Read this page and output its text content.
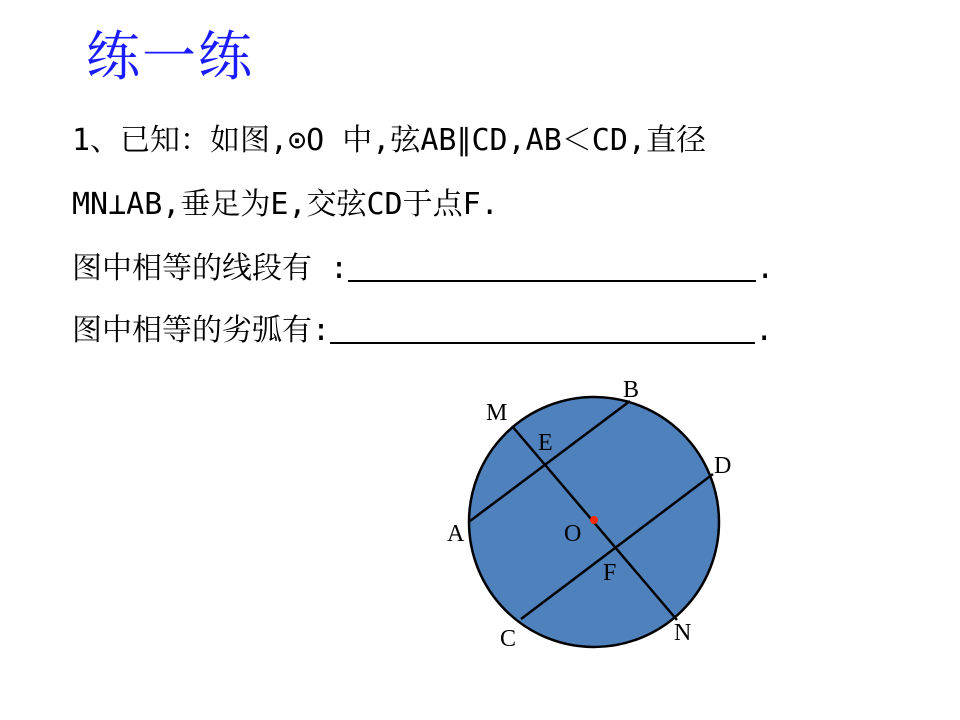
练一练
1、已知：如图,⊙O 中,弦AB∥CD,AB＜CD,直径
MN⊥AB,垂足为E,交弦CD于点F.
图中相等的线段有 :	.
图中相等的劣弧有:	.
M
B
E
D
A	O
F
C	N
